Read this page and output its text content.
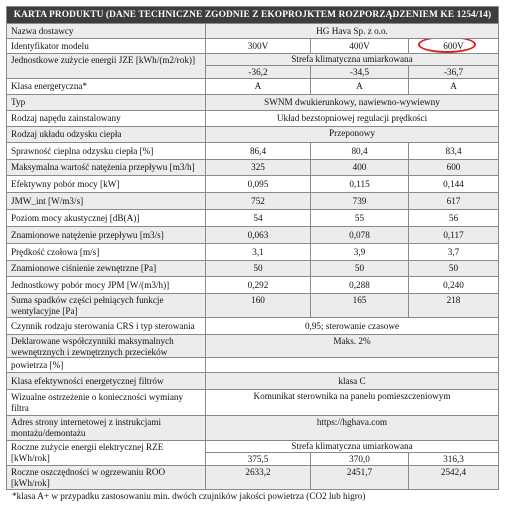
KARTA PRODUKTU (DANE TECHNICZNE ZGODNIE Z EKOPROJKTEM ROZPORZĄDZENIEM KE 1254/14)			
Nazwa dostawcy	HG Hava Sp. z o.o.		
Identyfikator modelu	300V	400V	600V
Jednostkowe zużycie energii JZE [kWh/(m2/rok)]	Strefa klimatyczna umiarkowana		
	-36,2	-34,5	-36,7
Klasa energetyczna*	A	A	A
Typ	SWNM dwukierunkowy, nawiewno-wywiewny		
Rodzaj napędu zainstalowany	Układ bezstopniowej regulacji prędkości		
Rodzaj układu odzysku ciepła	Przeponowy		
Sprawność cieplna odzysku ciepła [%]	86,4	80,4	83,4
Maksymalna wartość natężenia przepływu [m3/h]	325	400	600
Efektywny pobór mocy [kW]	0,095	0,115	0,144
JMW_int [W/m3/s]	752	739	617
Poziom mocy akustycznej [dB(A)]	54	55	56
Znamionowe natężenie przepływu [m3/s]	0,063	0,078	0,117
Prędkość czołowa [m/s]	3,1	3,9	3,7
Znamionowe ciśnienie zewnętrzne [Pa]	50	50	50
Jednostkowy pobór mocy JPM [W/(m3/h)]	0,292	0,288	0,240
Suma spadków części pełniących funkcje wentylacyjne [Pa]	160	165	218
Czynnik rodzaju sterowania CRS i typ sterowania	0,95; sterowanie czasowe		
Deklarowane współczynniki maksymalnych wewnętrznych i zewnętrznych przecieków	Maks. 2%		
powietrza [%]			
Klasa efektywności energetycznej filtrów	klasa C		
Wizualne ostrzeżenie o konieczności wymiany filtra	Komunikat sterownika na panelu pomieszczeniowym		
Adres strony internetowej z instrukcjami montażu/demontażu	https://hghava.com		
Roczne zużycie energii elektrycznej RZE [kWh/rok]	Strefa klimatyczna umiarkowana		
	375,5	370,0	316,3
Roczne oszczędności w ogrzewaniu ROO [kWh/rok]	2633,2	2451,7	2542,4
*klasa A+ w przypadku zastosowaniu min. dwóch czujników jakości powietrza (CO2 lub higro)
